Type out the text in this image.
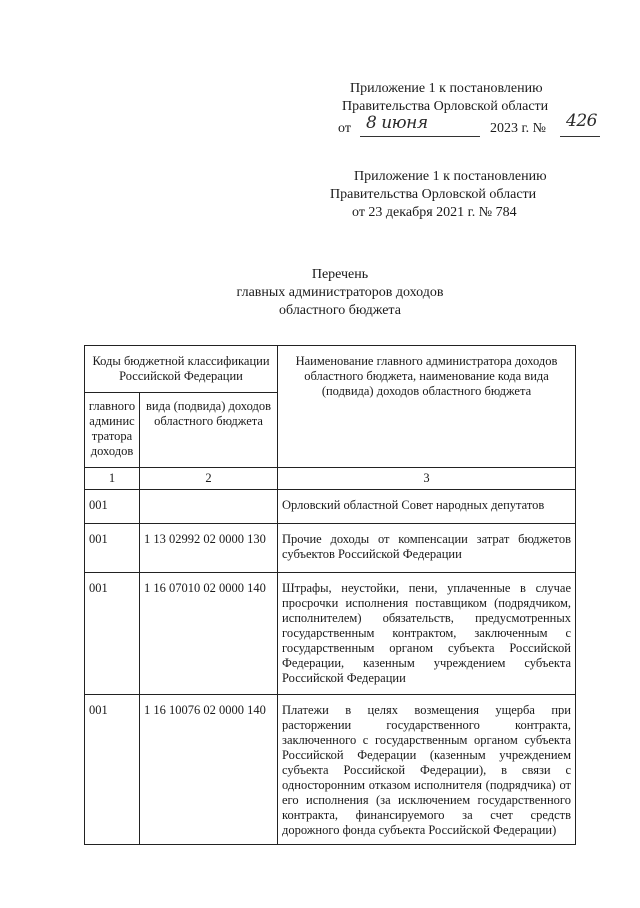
Приложение 1 к постановлению
Правительства Орловской области
от 8 июня	2023 г. № 426
Приложение 1 к постановлению
Правительства Орловской области
от 23 декабря 2021 г. № 784
Перечень
главных администраторов доходов
областного бюджета
Коды бюджетной классификации Российской Федерации		Наименование главного администратора доходов областного бюджета, наименование кода вида (подвида) доходов областного бюджета
главного админис тратора доходов	вида (подвида) доходов областного бюджета	
1	2	3
001		Орловский областной Совет народных депутатов
001	1 13 02992 02 0000 130	Прочие доходы от компенсации затрат бюджетов субъектов Российской Федерации
001	1 16 07010 02 0000 140	Штрафы, неустойки, пени, уплаченные в случае просрочки исполнения поставщиком (подрядчиком, исполнителем) обязательств, предусмотренных государственным контрактом, заключенным с государственным органом субъекта Российской Федерации, казенным учреждением субъекта Российской Федерации
001	1 16 10076 02 0000 140	Платежи в целях возмещения ущерба при расторжении государственного контракта, заключенного с государственным органом субъекта Российской Федерации (казенным учреждением субъекта Российской Федерации), в связи с односторонним отказом исполнителя (подрядчика) от его исполнения (за исключением государственного контракта, финансируемого за счет средств дорожного фонда субъекта Российской Федерации)
